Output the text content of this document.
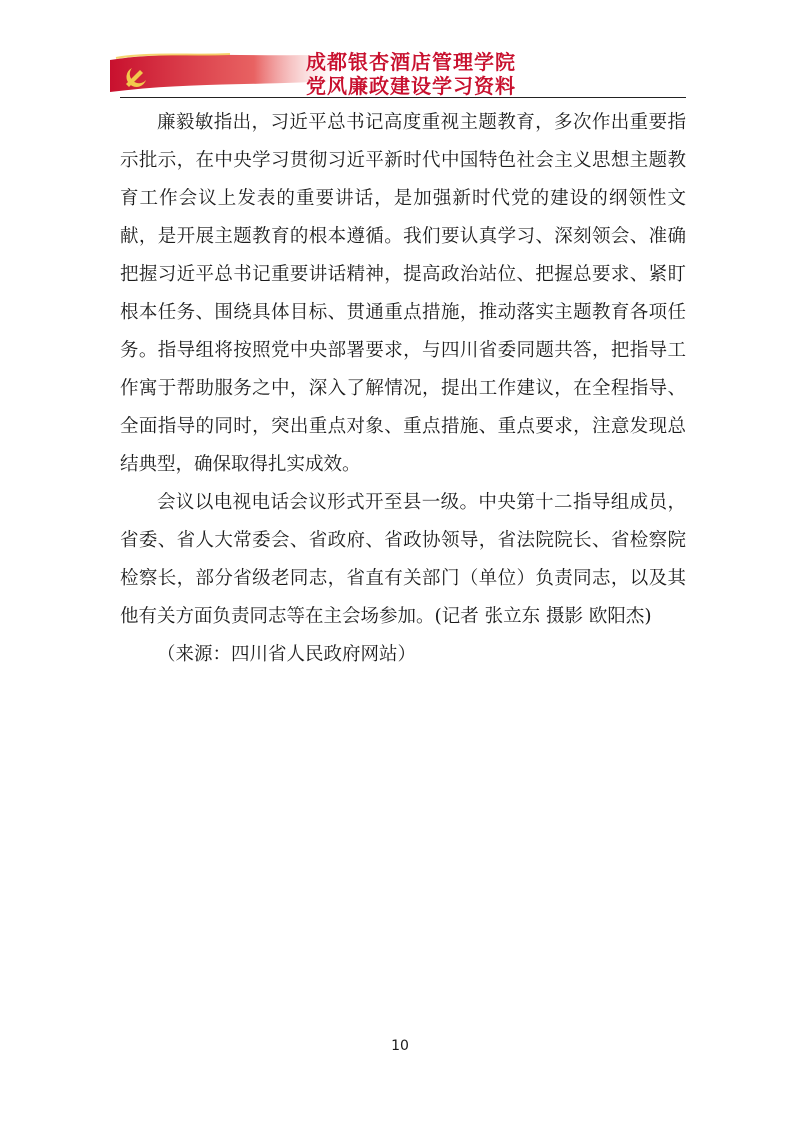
成都银杏酒店管理学院
党风廉政建设学习资料

廉毅敏指出，习近平总书记高度重视主题教育，多次作出重要指示批示，在中央学习贯彻习近平新时代中国特色社会主义思想主题教育工作会议上发表的重要讲话，是加强新时代党的建设的纲领性文献，是开展主题教育的根本遵循。我们要认真学习、深刻领会、准确把握习近平总书记重要讲话精神，提高政治站位、把握总要求、紧盯根本任务、围绕具体目标、贯通重点措施，推动落实主题教育各项任务。指导组将按照党中央部署要求，与四川省委同题共答，把指导工作寓于帮助服务之中，深入了解情况，提出工作建议，在全程指导、全面指导的同时，突出重点对象、重点措施、重点要求，注意发现总结典型，确保取得扎实成效。

会议以电视电话会议形式开至县一级。中央第十二指导组成员，省委、省人大常委会、省政府、省政协领导，省法院院长、省检察院检察长，部分省级老同志，省直有关部门（单位）负责同志，以及其他有关方面负责同志等在主会场参加。(记者 张立东 摄影 欧阳杰)

（来源：四川省人民政府网站）

10
